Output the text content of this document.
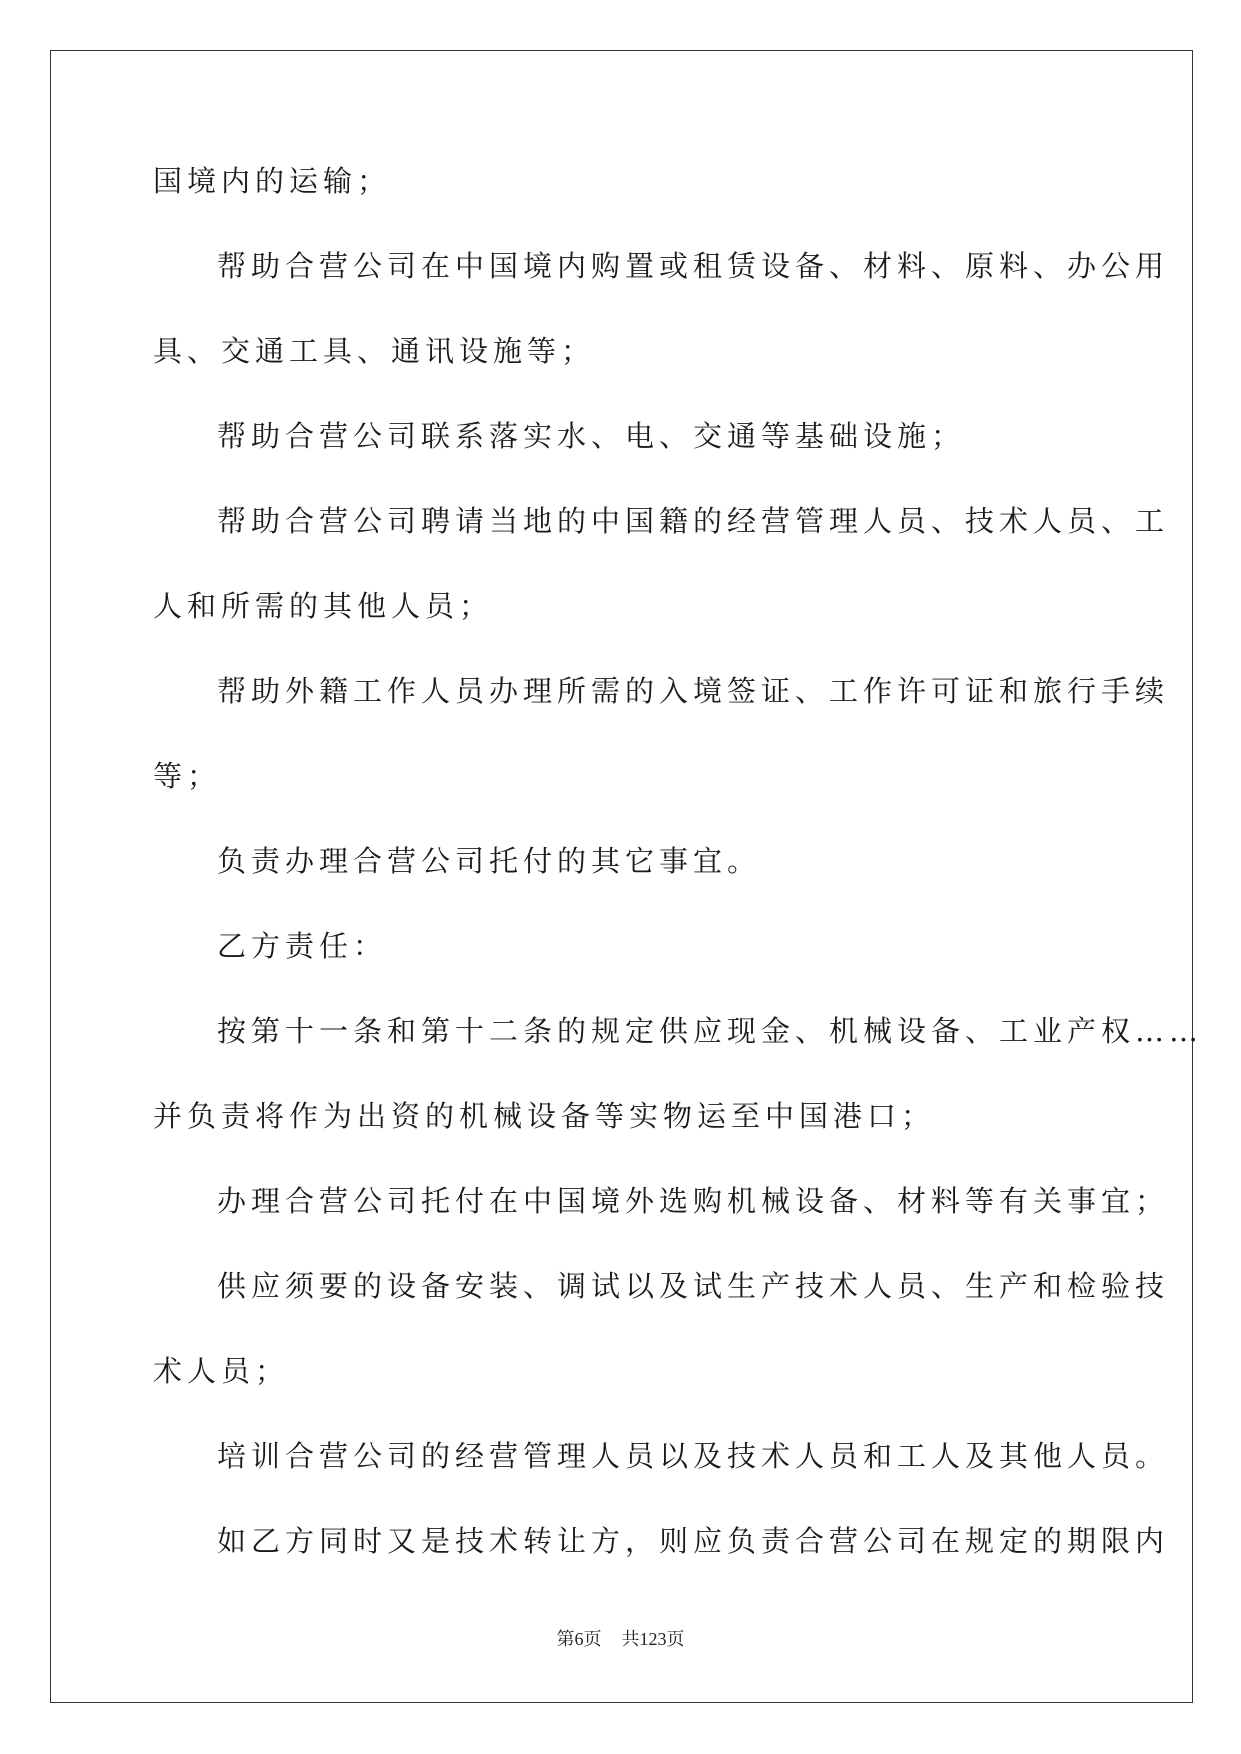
国境内的运输；
帮助合营公司在中国境内购置或租赁设备、材料、原料、办公用
具、交通工具、通讯设施等；
帮助合营公司联系落实水、电、交通等基础设施；
帮助合营公司聘请当地的中国籍的经营管理人员、技术人员、工
人和所需的其他人员；
帮助外籍工作人员办理所需的入境签证、工作许可证和旅行手续
等；
负责办理合营公司托付的其它事宜。
乙方责任：
按第十一条和第十二条的规定供应现金、机械设备、工业产权……
并负责将作为出资的机械设备等实物运至中国港口；
办理合营公司托付在中国境外选购机械设备、材料等有关事宜；
供应须要的设备安装、调试以及试生产技术人员、生产和检验技
术人员；
培训合营公司的经营管理人员以及技术人员和工人及其他人员。
如乙方同时又是技术转让方，则应负责合营公司在规定的期限内
第6页 共123页
